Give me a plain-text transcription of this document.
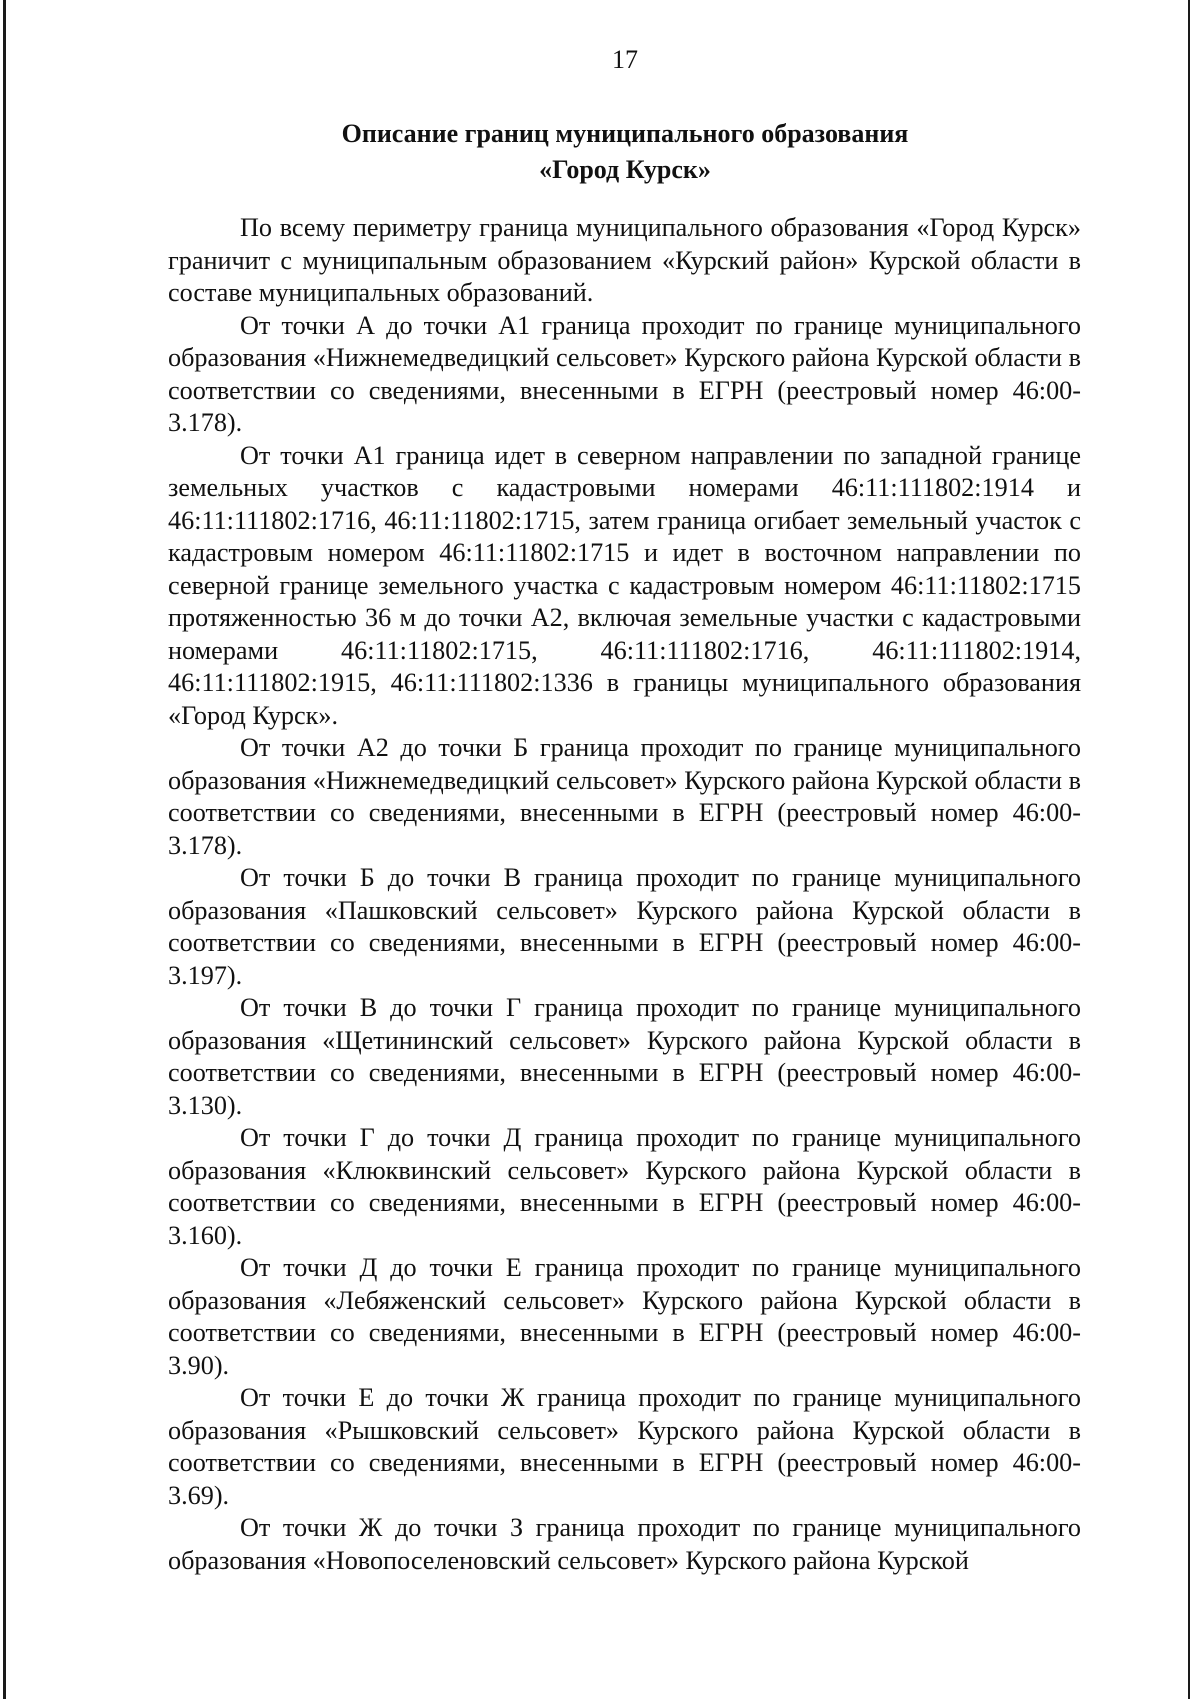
17
Описание границ муниципального образования
«Город Курск»

По всему периметру граница муниципального образования «Город Курск» граничит с муниципальным образованием «Курский район» Курской области в составе муниципальных образований.

От точки А до точки А1 граница проходит по границе муниципального образования «Нижнемедведицкий сельсовет» Курского района Курской области в соответствии со сведениями, внесенными в ЕГРН (реестровый номер 46:00-3.178).

От точки А1 граница идет в северном направлении по западной границе земельных участков с кадастровыми номерами 46:11:111802:1914 и 46:11:111802:1716, 46:11:11802:1715, затем граница огибает земельный участок с кадастровым номером 46:11:11802:1715 и идет в восточном направлении по северной границе земельного участка с кадастровым номером 46:11:11802:1715 протяженностью 36 м до точки А2, включая земельные участки с кадастровыми номерами 46:11:11802:1715, 46:11:111802:1716, 46:11:111802:1914, 46:11:111802:1915, 46:11:111802:1336 в границы муниципального образования «Город Курск».

От точки А2 до точки Б граница проходит по границе муниципального образования «Нижнемедведицкий сельсовет» Курского района Курской области в соответствии со сведениями, внесенными в ЕГРН (реестровый номер 46:00-3.178).

От точки Б до точки В граница проходит по границе муниципального образования «Пашковский сельсовет» Курского района Курской области в соответствии со сведениями, внесенными в ЕГРН (реестровый номер 46:00-3.197).

От точки В до точки Г граница проходит по границе муниципального образования «Щетининский сельсовет» Курского района Курской области в соответствии со сведениями, внесенными в ЕГРН (реестровый номер 46:00-3.130).

От точки Г до точки Д граница проходит по границе муниципального образования «Клюквинский сельсовет» Курского района Курской области в соответствии со сведениями, внесенными в ЕГРН (реестровый номер 46:00-3.160).

От точки Д до точки Е граница проходит по границе муниципального образования «Лебяженский сельсовет» Курского района Курской области в соответствии со сведениями, внесенными в ЕГРН (реестровый номер 46:00-3.90).

От точки Е до точки Ж граница проходит по границе муниципального образования «Рышковский сельсовет» Курского района Курской области в соответствии со сведениями, внесенными в ЕГРН (реестровый номер 46:00-3.69).

От точки Ж до точки З граница проходит по границе муниципального образования «Новопоселеновский сельсовет» Курского района Курской
